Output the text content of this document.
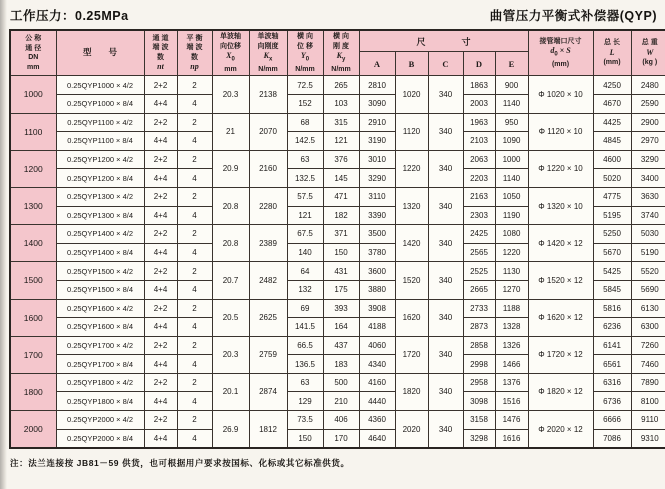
工作压力：0.25MPa	曲管压力平衡式补偿器(QYP)
公 称
通 径
DN
mm	型　　号	通 道
端 波
数
nt	平 衡
端 波
数
np	单波轴
向位移
$X_0$
mm	单波轴
向刚度
$K_x$
N/mm	横 向
位 移
$Y_0$
N/mm	横 向
刚 度
$K_y$
N/mm	尺　　　　寸					接管端口尺寸
$d_0 \times S$
(mm)	总 长
L
(mm)	总 重
W
(kg )

								A	B	C	D	E			
1000	0.25QYP1000 × 4/2	2+2	2	20.3	2138	72.5	265	2810	1020	340	1863	900	Φ 1020 × 10	4250	2480
	0.25QYP1000 × 8/4	4+4	4			152	103	3090			2003	1140		4670	2590
1100	0.25QYP1100 × 4/2	2+2	2	21	2070	68	315	2910	1120	340	1963	950	Φ 1120 × 10	4425	2900
	0.25QYP1100 × 8/4	4+4	4			142.5	121	3190			2103	1090		4845	2970
1200	0.25QYP1200 × 4/2	2+2	2	20.9	2160	63	376	3010	1220	340	2063	1000	Φ 1220 × 10	4600	3290
	0.25QYP1200 × 8/4	4+4	4			132.5	145	3290			2203	1140		5020	3400
1300	0.25QYP1300 × 4/2	2+2	2	20.8	2280	57.5	471	3110	1320	340	2163	1050	Φ 1320 × 10	4775	3630
	0.25QYP1300 × 8/4	4+4	4			121	182	3390			2303	1190		5195	3740
1400	0.25QYP1400 × 4/2	2+2	2	20.8	2389	67.5	371	3500	1420	340	2425	1080	Φ 1420 × 12	5250	5030
	0.25QYP1400 × 8/4	4+4	4			140	150	3780			2565	1220		5670	5190
1500	0.25QYP1500 × 4/2	2+2	2	20.7	2482	64	431	3600	1520	340	2525	1130	Φ 1520 × 12	5425	5520
	0.25QYP1500 × 8/4	4+4	4			132	175	3880			2665	1270		5845	5690
1600	0.25QYP1600 × 4/2	2+2	2	20.5	2625	69	393	3908	1620	340	2733	1188	Φ 1620 × 12	5816	6130
	0.25QYP1600 × 8/4	4+4	4			141.5	164	4188			2873	1328		6236	6300
1700	0.25QYP1700 × 4/2	2+2	2	20.3	2759	66.5	437	4060	1720	340	2858	1326	Φ 1720 × 12	6141	7260
	0.25QYP1700 × 8/4	4+4	4			136.5	183	4340			2998	1466		6561	7460
1800	0.25QYP1800 × 4/2	2+2	2	20.1	2874	63	500	4160	1820	340	2958	1376	Φ 1820 × 12	6316	7890
	0.25QYP1800 × 8/4	4+4	4			129	210	4440			3098	1516		6736	8100
2000	0.25QYP2000 × 4/2	2+2	2	26.9	1812	73.5	406	4360	2020	340	3158	1476	Φ 2020 × 12	6666	9110
	0.25QYP2000 × 8/4	4+4	4			150	170	4640			3298	1616		7086	9310
注：法兰连接按 JB81－59 供货，也可根据用户要求按国标、化标或其它标准供货。
